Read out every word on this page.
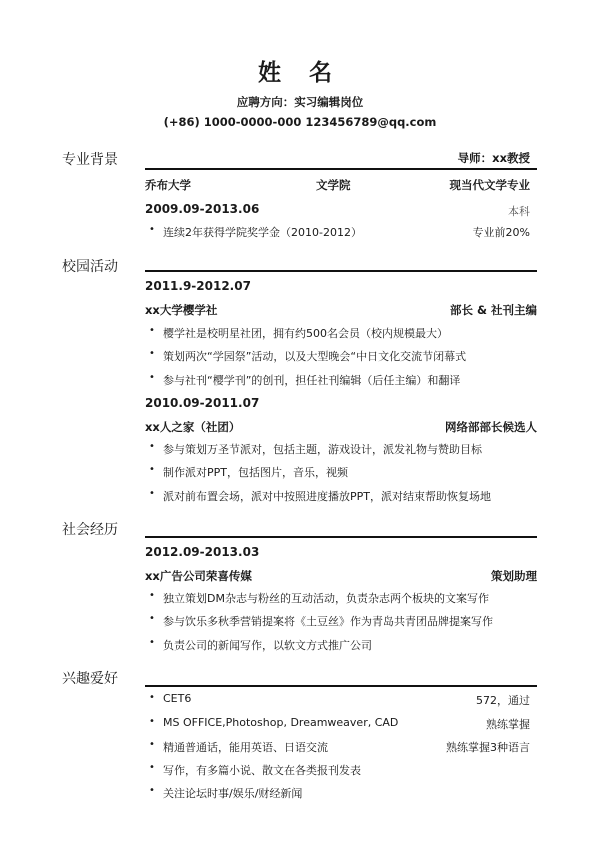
姓 名
应聘方向：实习编辑岗位
(+86) 1000-0000-000 123456789@qq.com
专业背景	导师：xx教授
乔布大学	文学院	现当代文学专业
2009.09-2013.06	本科
• 连续2年获得学院奖学金（2010-2012）	专业前20%
校园活动
2011.9-2012.07
xx大学樱学社	部长 & 社刊主编
• 樱学社是校明星社团，拥有约500名会员（校内规模最大）
• 策划两次“学园祭”活动，以及大型晚会“中日文化交流节闭幕式
• 参与社刊“樱学刊”的创刊，担任社刊编辑（后任主编）和翻译
2010.09-2011.07
xx人之家（社团）	网络部部长候选人
• 参与策划万圣节派对，包括主题，游戏设计，派发礼物与赞助目标
• 制作派对PPT，包括图片，音乐，视频
• 派对前布置会场，派对中按照进度播放PPT，派对结束帮助恢复场地
社会经历
2012.09-2013.03
xx广告公司荣喜传媒	策划助理
• 独立策划DM杂志与粉丝的互动活动，负责杂志两个板块的文案写作
• 参与饮乐多秋季营销提案将《土豆丝》作为青岛共青团品牌提案写作
• 负责公司的新闻写作，以软文方式推广公司
兴趣爱好
• CET6	572，通过
• MS OFFICE,Photoshop, Dreamweaver, CAD	熟练掌握
• 精通普通话，能用英语、日语交流	熟练掌握3种语言
• 写作，有多篇小说、散文在各类报刊发表
• 关注论坛时事/娱乐/财经新闻
